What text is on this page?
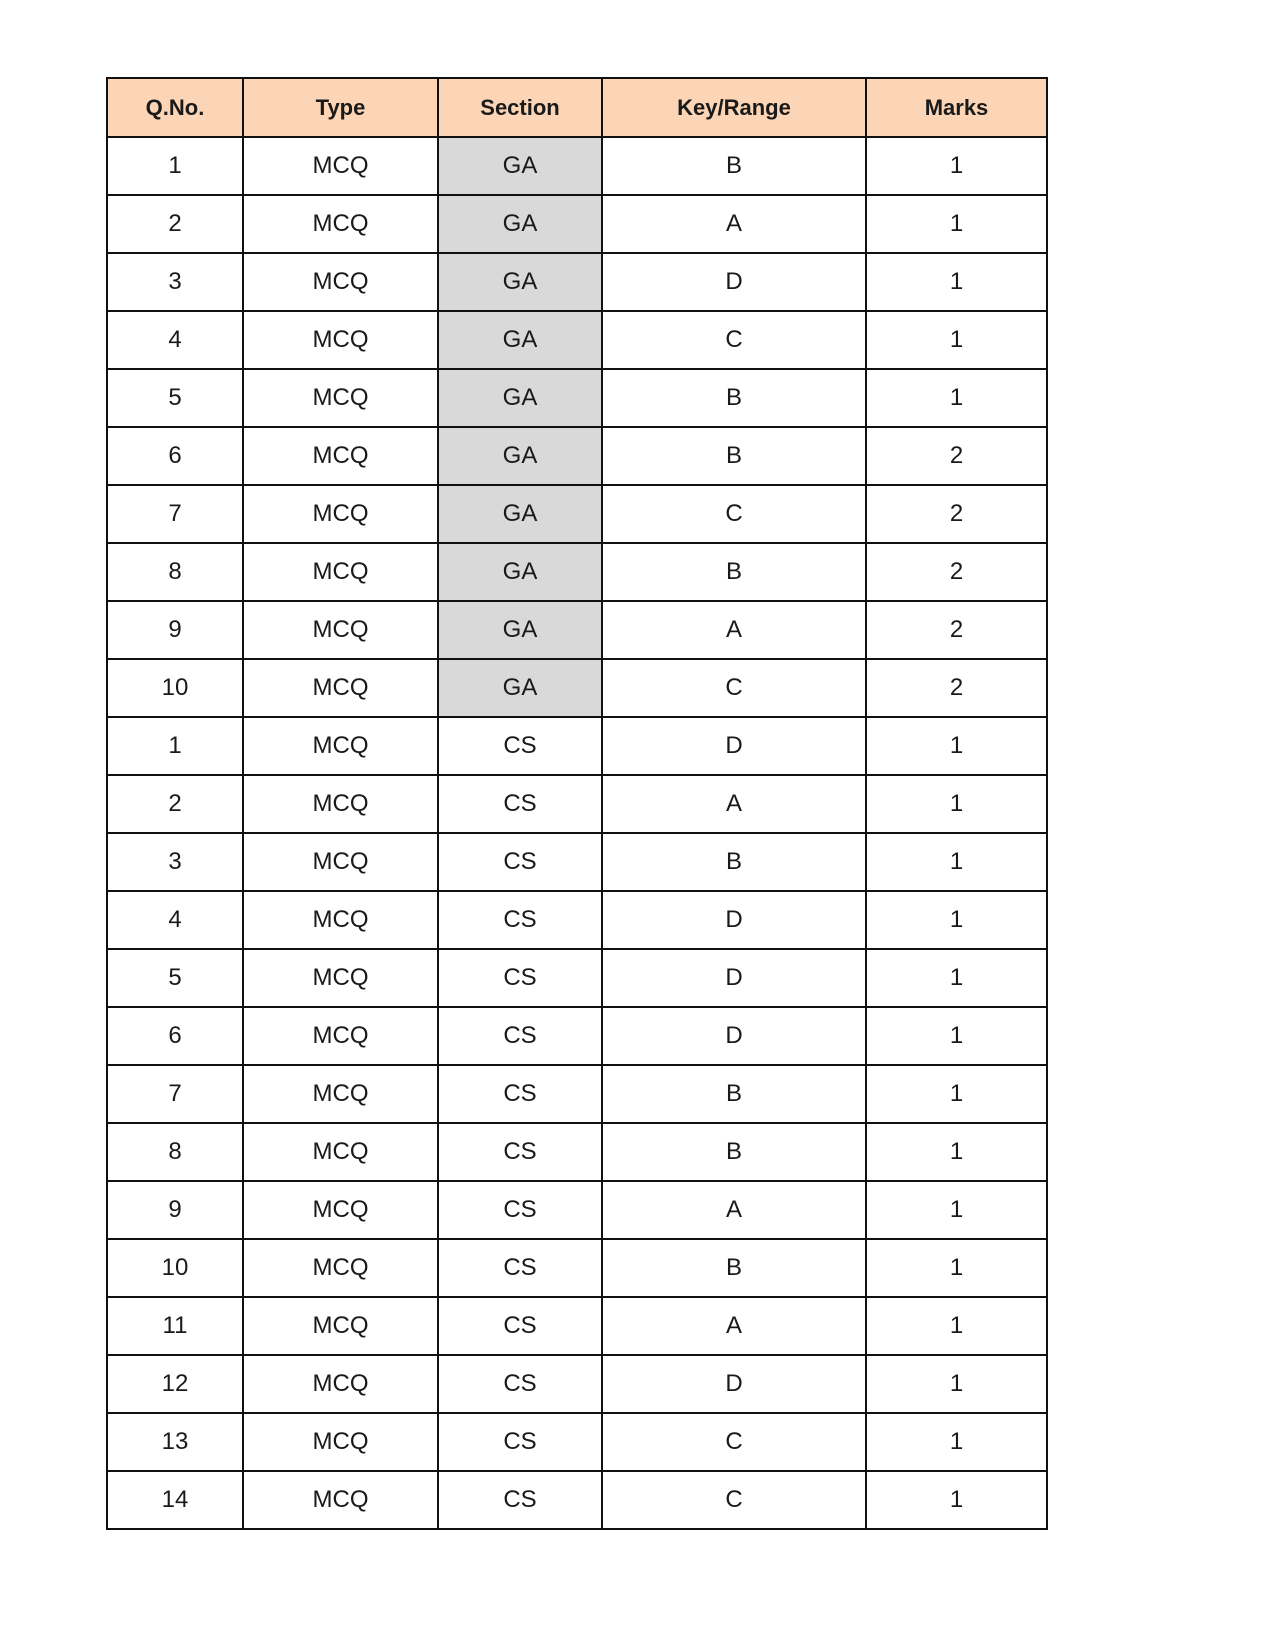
Q.No.	Type	Section	Key/Range	Marks
1	MCQ	GA	B	1
2	MCQ	GA	A	1
3	MCQ	GA	D	1
4	MCQ	GA	C	1
5	MCQ	GA	B	1
6	MCQ	GA	B	2
7	MCQ	GA	C	2
8	MCQ	GA	B	2
9	MCQ	GA	A	2
10	MCQ	GA	C	2
1	MCQ	CS	D	1
2	MCQ	CS	A	1
3	MCQ	CS	B	1
4	MCQ	CS	D	1
5	MCQ	CS	D	1
6	MCQ	CS	D	1
7	MCQ	CS	B	1
8	MCQ	CS	B	1
9	MCQ	CS	A	1
10	MCQ	CS	B	1
11	MCQ	CS	A	1
12	MCQ	CS	D	1
13	MCQ	CS	C	1
14	MCQ	CS	C	1
